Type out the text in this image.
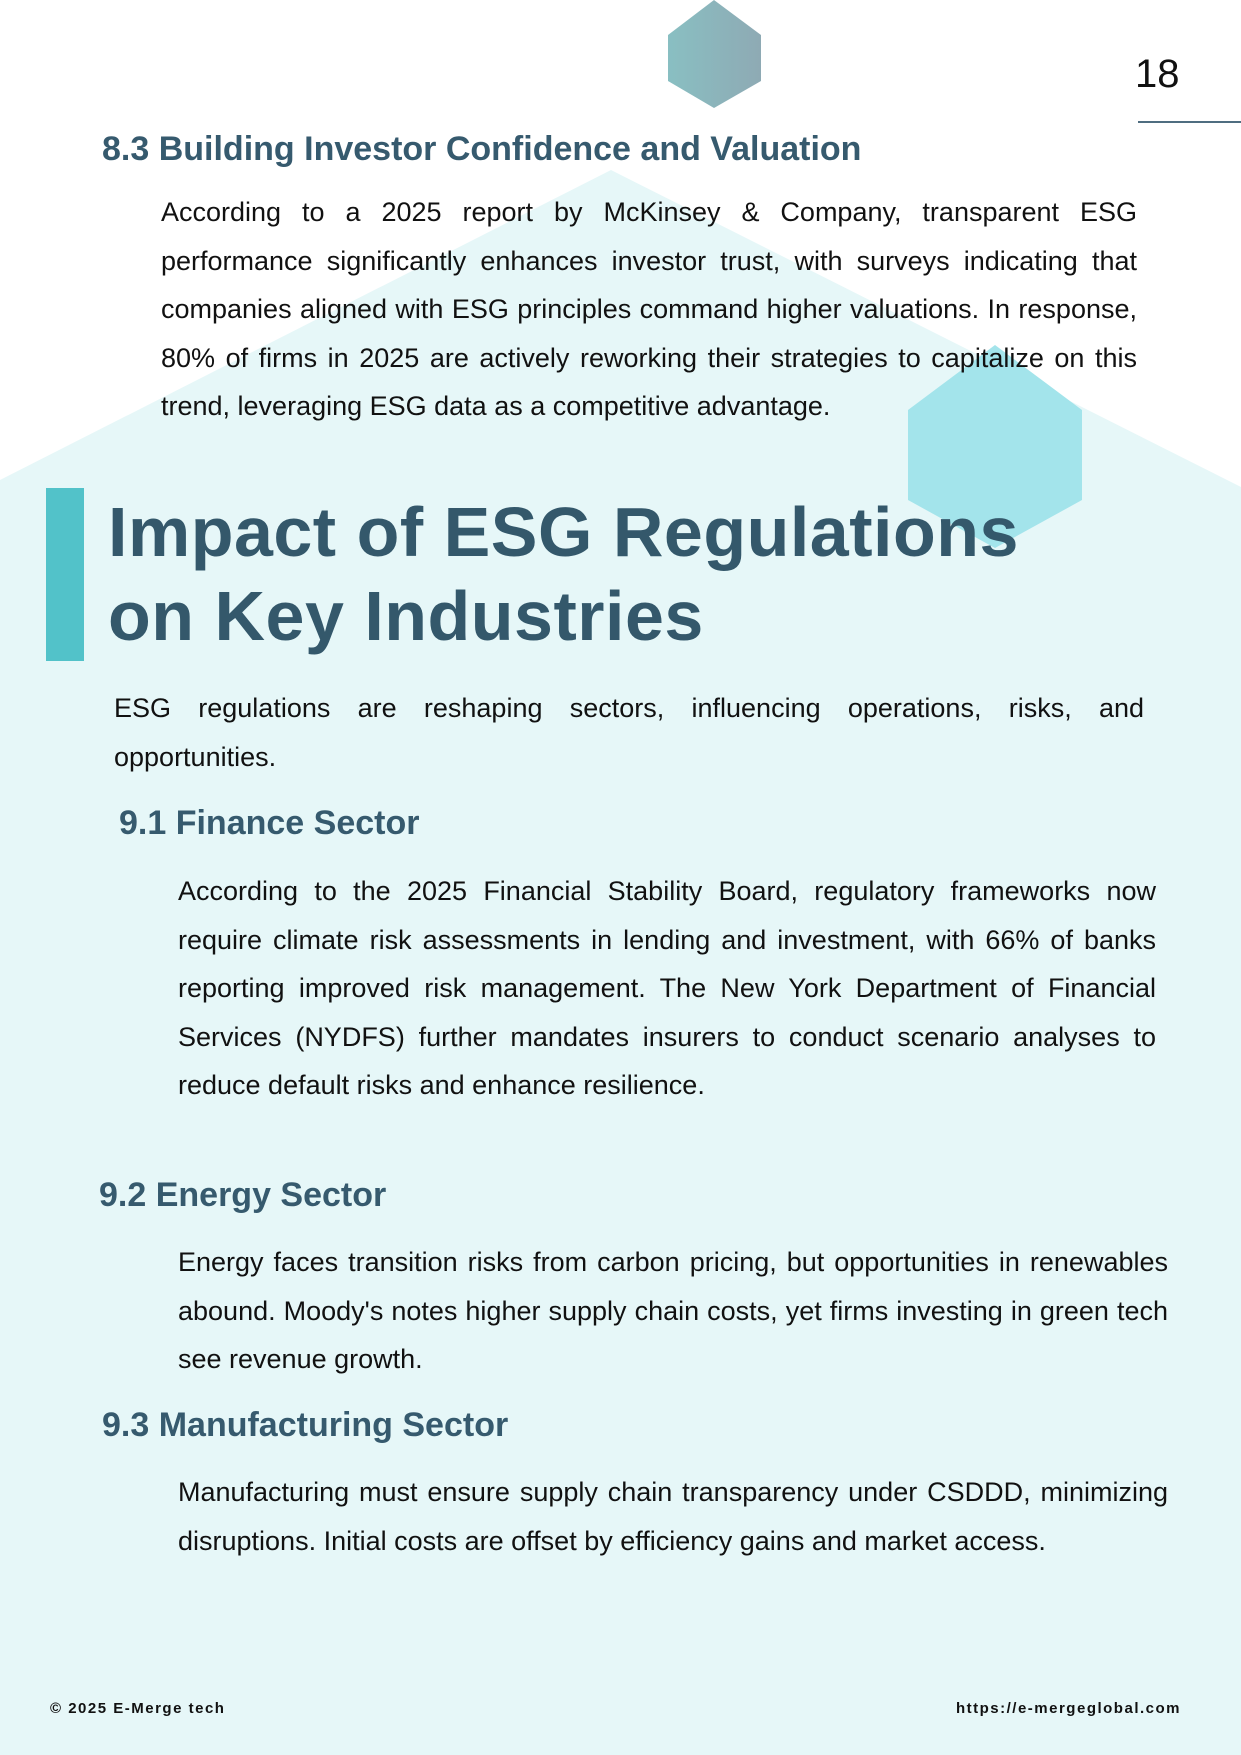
18
8.3 Building Investor Confidence and Valuation
According to a 2025 report by McKinsey & Company, transparent ESG performance significantly enhances investor trust, with surveys indicating that companies aligned with ESG principles command higher valuations. In response, 80% of firms in 2025 are actively reworking their strategies to capitalize on this trend, leveraging ESG data as a competitive advantage.
Impact of ESG Regulations
on Key Industries
ESG regulations are reshaping sectors, influencing operations, risks, and opportunities.
9.1 Finance Sector
According to the 2025 Financial Stability Board, regulatory frameworks now require climate risk assessments in lending and investment, with 66% of banks reporting improved risk management. The New York Department of Financial Services (NYDFS) further mandates insurers to conduct scenario analyses to reduce default risks and enhance resilience.
9.2 Energy Sector
Energy faces transition risks from carbon pricing, but opportunities in renewables abound. Moody's notes higher supply chain costs, yet firms investing in green tech see revenue growth.
9.3 Manufacturing Sector
Manufacturing must ensure supply chain transparency under CSDDD, minimizing disruptions. Initial costs are offset by efficiency gains and market access.
© 2025 E-Merge tech	https://e-mergeglobal.com
